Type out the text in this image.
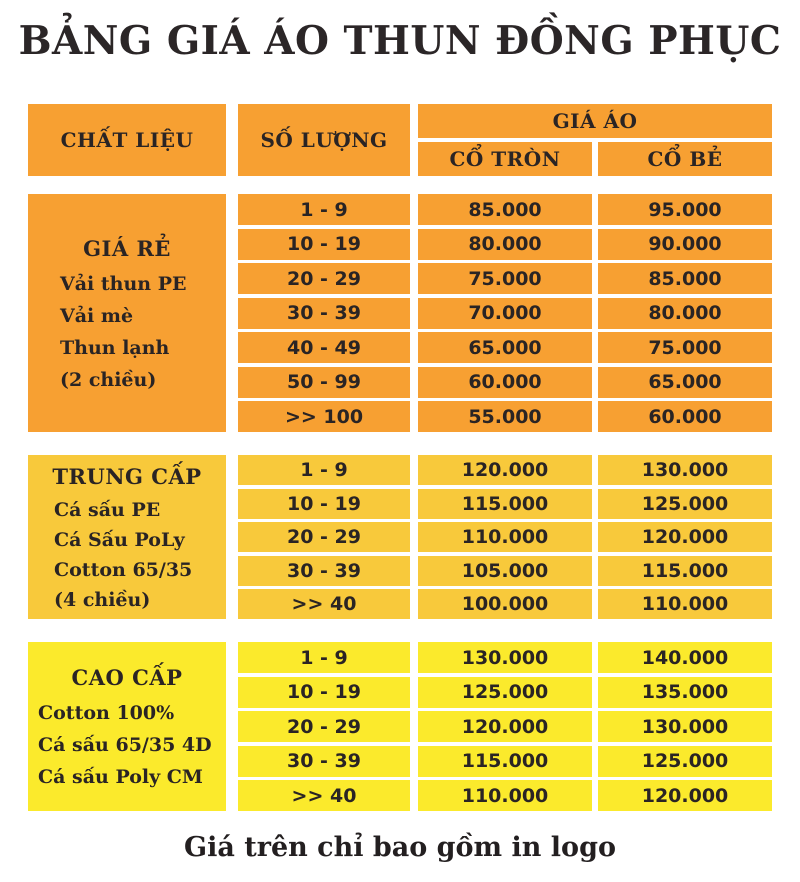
BẢNG GIÁ ÁO THUN ĐỒNG PHỤC
CHẤT LIỆU	SỐ LƯỢNG
GIÁ ÁO
CỔ TRÒN	CỔ BẺ
GIÁ RẺ
Vải thun PE
Vải mè
Thun lạnh
(2 chiều)
1 - 9	85.000	95.000
10 - 19	80.000	90.000
20 - 29	75.000	85.000
30 - 39	70.000	80.000
40 - 49	65.000	75.000
50 - 99	60.000	65.000
>> 100	55.000	60.000
TRUNG CẤP
Cá sấu PE
Cá Sấu PoLy
Cotton 65/35
(4 chiều)
1 - 9	120.000	130.000
10 - 19	115.000	125.000
20 - 29	110.000	120.000
30 - 39	105.000	115.000
>> 40	100.000	110.000
CAO CẤP
Cotton 100%
Cá sấu 65/35 4D
Cá sấu Poly CM
1 - 9	130.000	140.000
10 - 19	125.000	135.000
20 - 29	120.000	130.000
30 - 39	115.000	125.000
>> 40	110.000	120.000
Giá trên chỉ bao gồm in logo
